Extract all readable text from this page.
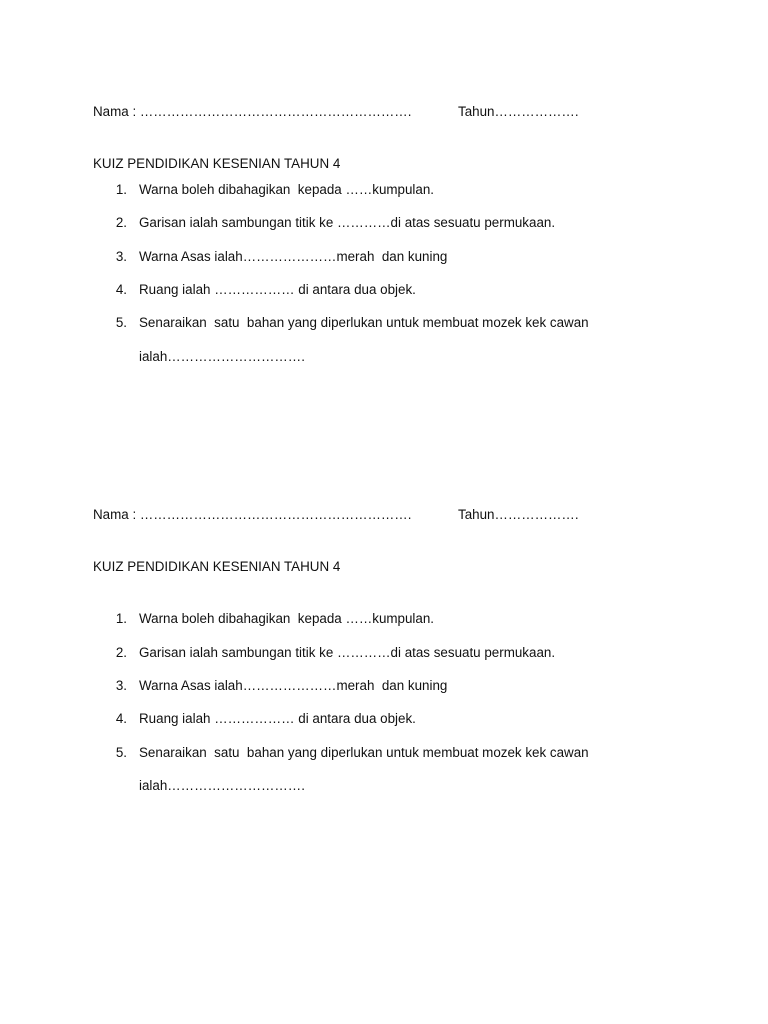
Nama : …………………………………………………….	Tahun……………….
KUIZ PENDIDIKAN KESENIAN TAHUN 4
1. Warna boleh dibahagikan  kepada ……kumpulan.
2. Garisan ialah sambungan titik ke …………di atas sesuatu permukaan.
3. Warna Asas ialah…………………merah  dan kuning
4. Ruang ialah ……………… di antara dua objek.
5. Senaraikan  satu  bahan yang diperlukan untuk membuat mozek kek cawan
ialah………………………….
Nama : …………………………………………………….	Tahun……………….
KUIZ PENDIDIKAN KESENIAN TAHUN 4
1. Warna boleh dibahagikan  kepada ……kumpulan.
2. Garisan ialah sambungan titik ke …………di atas sesuatu permukaan.
3. Warna Asas ialah…………………merah  dan kuning
4. Ruang ialah ……………… di antara dua objek.
5. Senaraikan  satu  bahan yang diperlukan untuk membuat mozek kek cawan
ialah………………………….
